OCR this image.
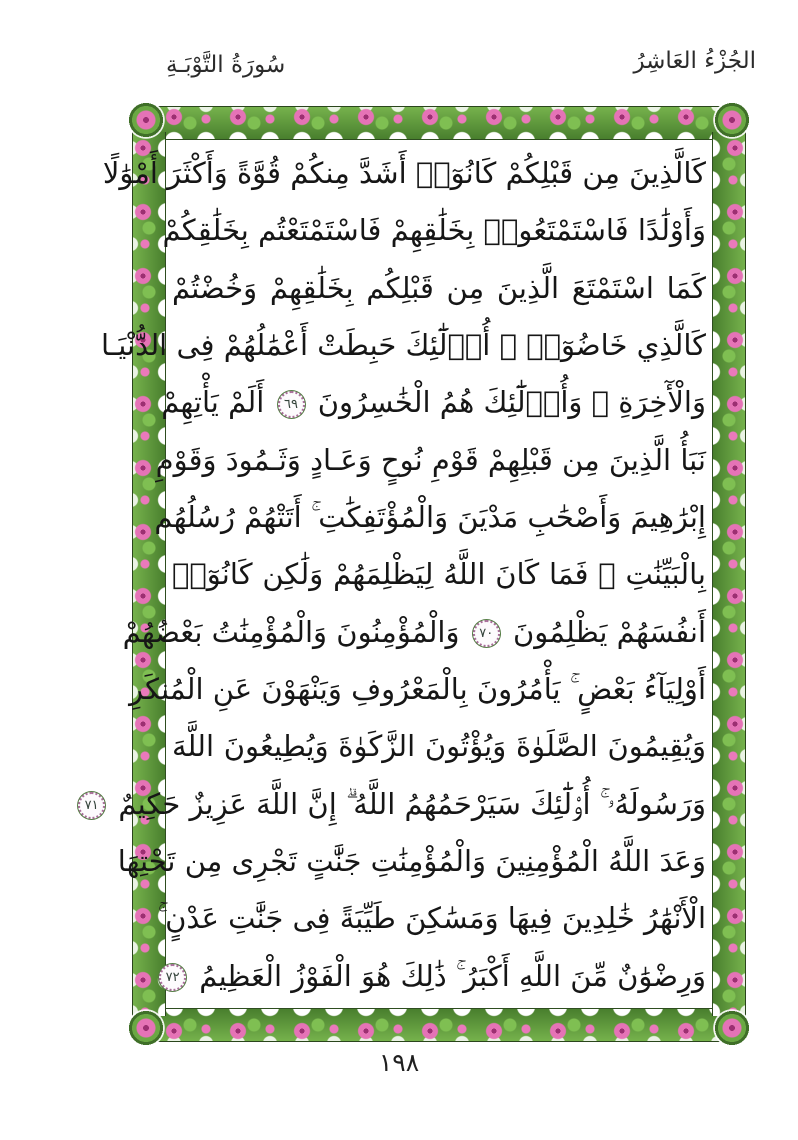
الجُزْءُ العَاشِرُ
سُورَةُ التَّوْبَـةِ
كَالَّذِينَ مِن قَبْلِكُمْ كَانُوٓا۟ أَشَدَّ مِنكُمْ قُوَّةً وَأَكْثَرَ أَمْوَٰلًا
وَأَوْلَٰدًا فَاسْتَمْتَعُوا۟ بِخَلَٰقِهِمْ فَاسْتَمْتَعْتُم بِخَلَٰقِكُمْ
كَمَا اسْتَمْتَعَ الَّذِينَ مِن قَبْلِكُم بِخَلَٰقِهِمْ وَخُضْتُمْ
كَالَّذِي خَاضُوٓا۟ ۚ أُو۟لَٰٓئِكَ حَبِطَتْ أَعْمَٰلُهُمْ فِى الدُّنْيَـا
وَالْأٓخِرَةِ ۖ وَأُو۟لَٰٓئِكَ هُمُ الْخَٰسِرُونَ ٦٩ أَلَمْ يَأْتِهِمْ
نَبَأُ الَّذِينَ مِن قَبْلِهِمْ قَوْمِ نُوحٍ وَعَـادٍ وَثَـمُودَ وَقَوْمِ
إِبْرَٰهِيمَ وَأَصْحَٰبِ مَدْيَنَ وَالْمُؤْتَفِكَٰتِ ۚ أَتَتْهُمْ رُسُلُهُم
بِالْبَيِّنَٰتِ ۖ فَمَا كَانَ اللَّهُ لِيَظْلِمَهُمْ وَلَٰكِن كَانُوٓا۟
أَنفُسَهُمْ يَظْلِمُونَ ٧٠ وَالْمُؤْمِنُونَ وَالْمُؤْمِنَٰتُ بَعْضُهُمْ
أَوْلِيَآءُ بَعْضٍ ۚ يَأْمُرُونَ بِالْمَعْرُوفِ وَيَنْهَوْنَ عَنِ الْمُنكَرِ
وَيُقِيمُونَ الصَّلَوٰةَ وَيُؤْتُونَ الزَّكَوٰةَ وَيُطِيعُونَ اللَّهَ
وَرَسُولَهُۥ ۚ أُو۟لَٰٓئِكَ سَيَرْحَمُهُمُ اللَّهُ ۗ إِنَّ اللَّهَ عَزِيزٌ حَكِيمٌ ٧١
وَعَدَ اللَّهُ الْمُؤْمِنِينَ وَالْمُؤْمِنَٰتِ جَنَّٰتٍ تَجْرِى مِن تَحْتِهَا
الْأَنْهَٰرُ خَٰلِدِينَ فِيهَا وَمَسَٰكِنَ طَيِّبَةً فِى جَنَّٰتِ عَدْنٍ ۚ
وَرِضْوَٰنٌ مِّنَ اللَّهِ أَكْبَرُ ۚ ذَٰلِكَ هُوَ الْفَوْزُ الْعَظِيمُ ٧٢
١٩٨
